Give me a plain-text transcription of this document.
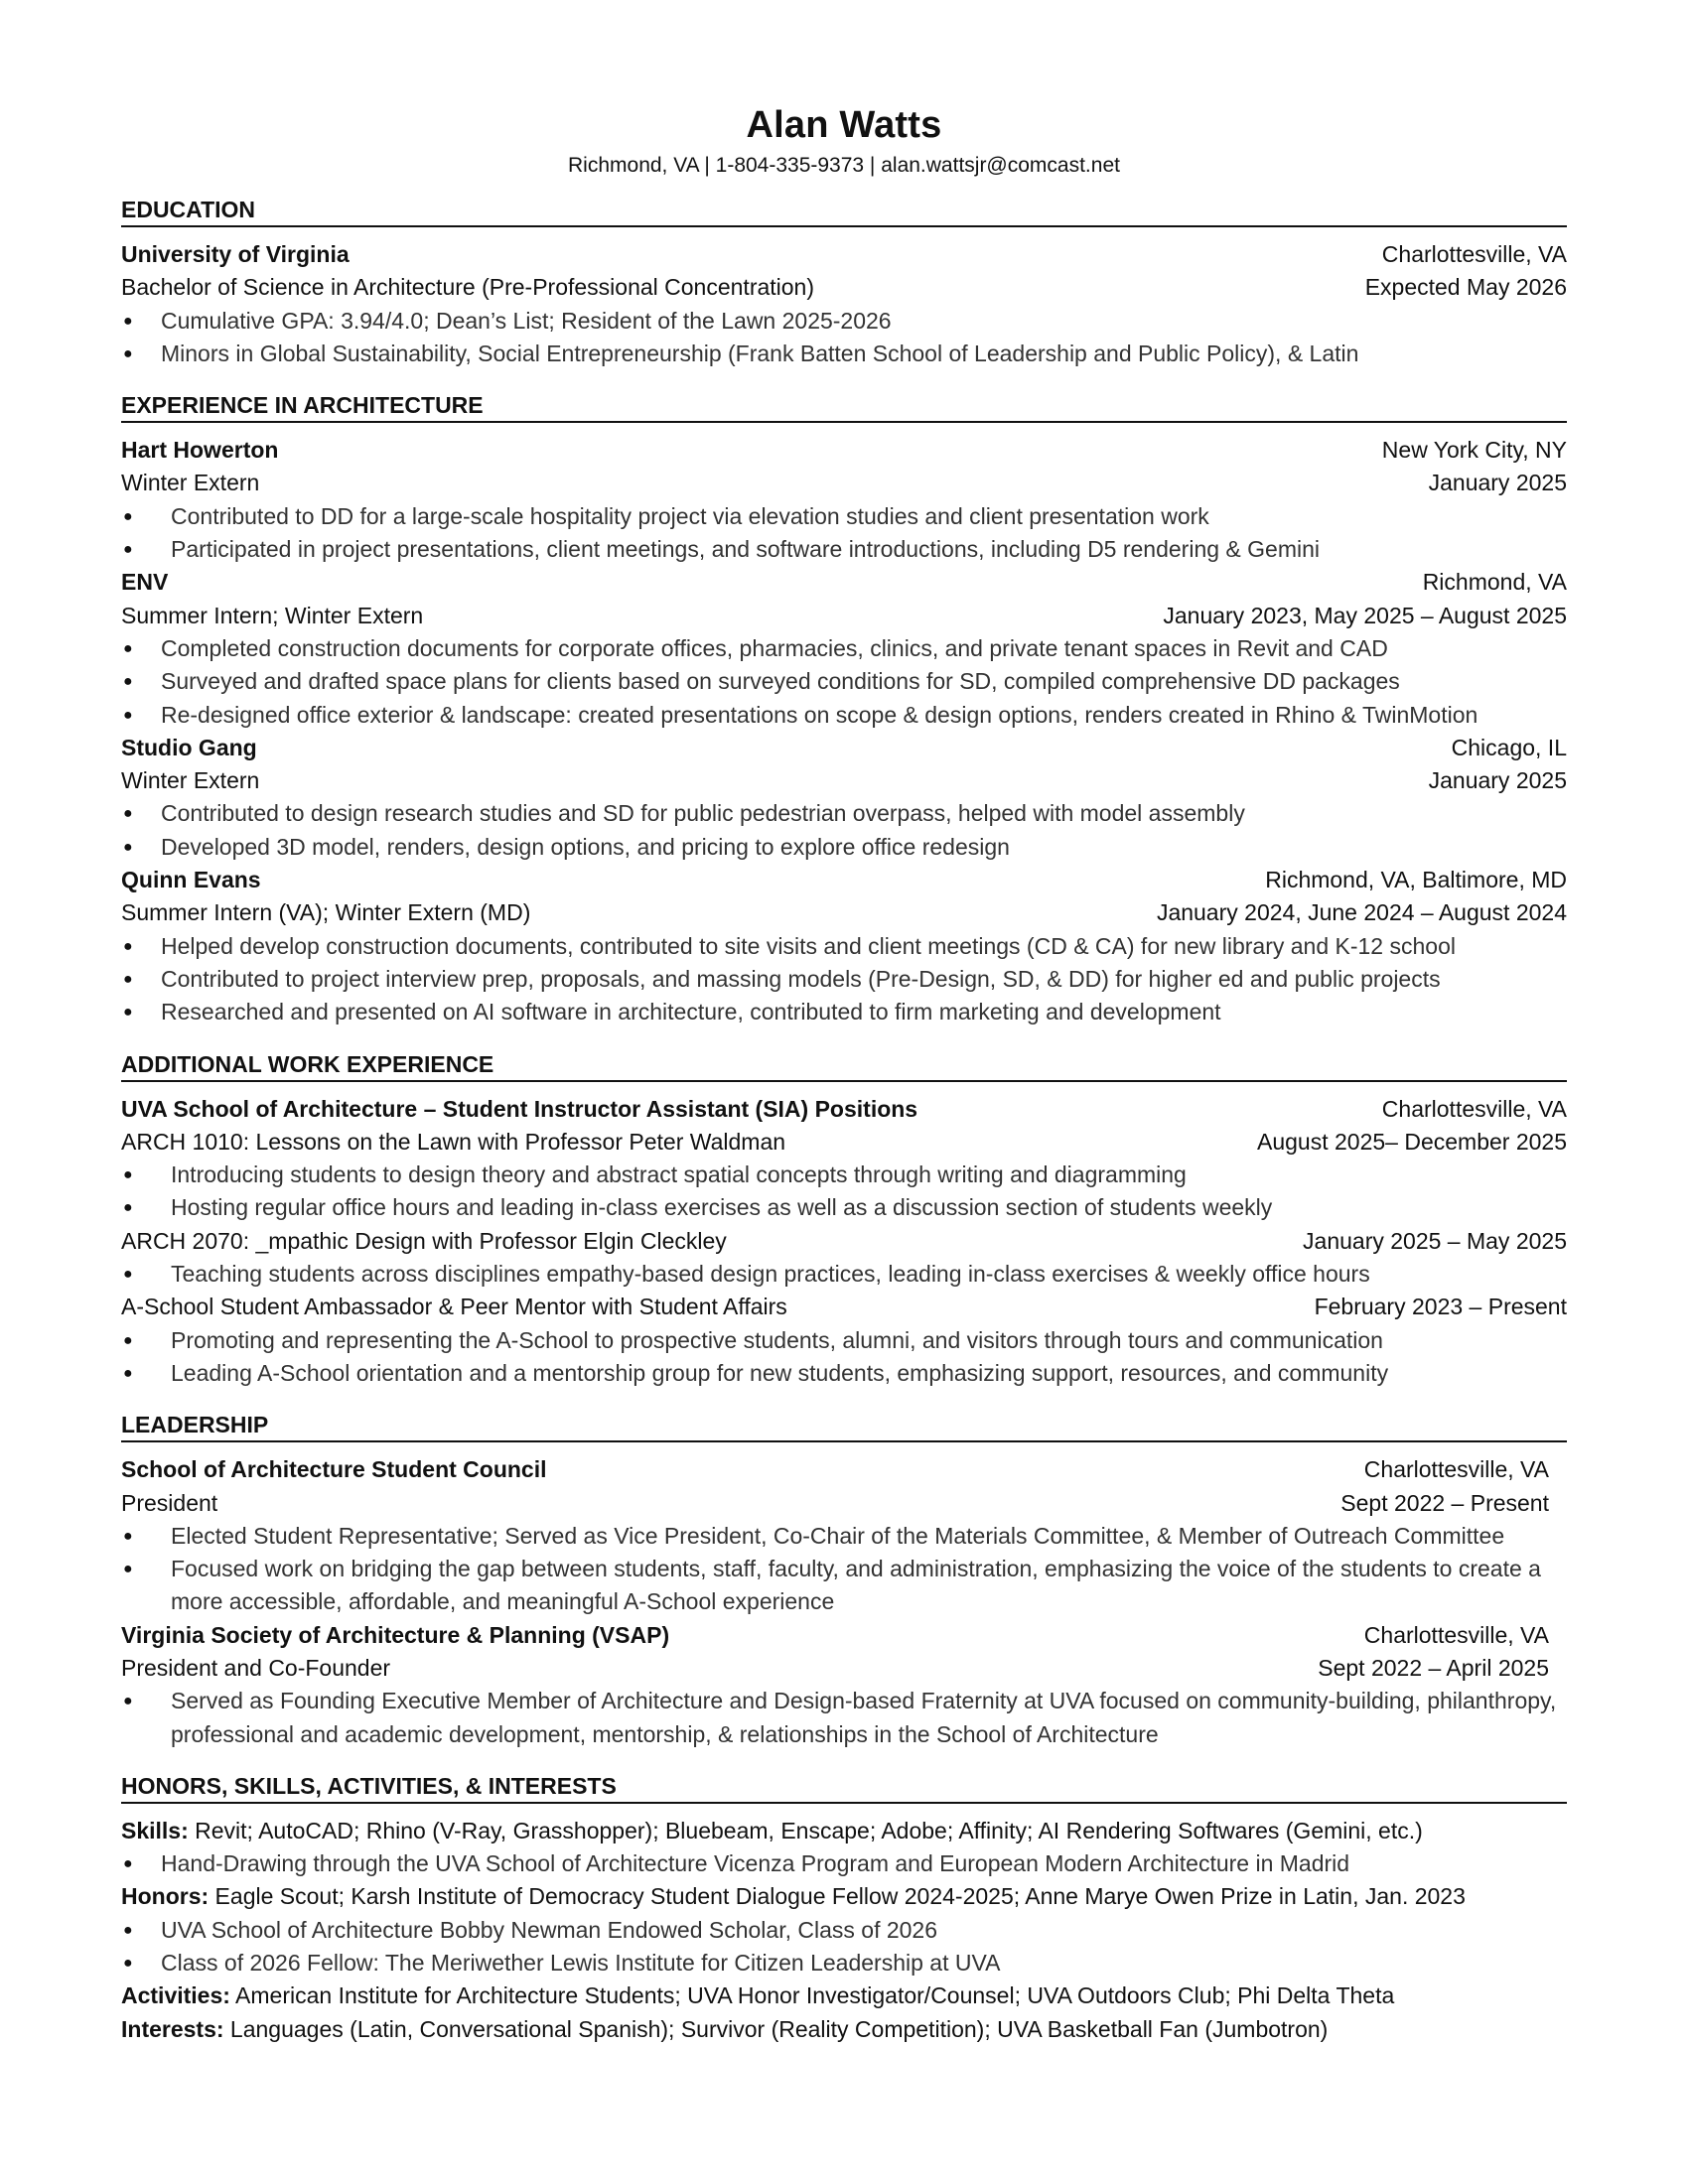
Alan Watts
Richmond, VA | 1-804-335-9373 | alan.wattsjr@comcast.net
EDUCATION
University of Virginia	Charlottesville, VA
Bachelor of Science in Architecture (Pre-Professional Concentration)	Expected May 2026
● Cumulative GPA: 3.94/4.0; Dean’s List; Resident of the Lawn 2025-2026
● Minors in Global Sustainability, Social Entrepreneurship (Frank Batten School of Leadership and Public Policy), & Latin
EXPERIENCE IN ARCHITECTURE
Hart Howerton	New York City, NY
Winter Extern	January 2025
● Contributed to DD for a large-scale hospitality project via elevation studies and client presentation work
● Participated in project presentations, client meetings, and software introductions, including D5 rendering & Gemini
ENV	Richmond, VA
Summer Intern; Winter Extern	January 2023, May 2025 – August 2025
● Completed construction documents for corporate offices, pharmacies, clinics, and private tenant spaces in Revit and CAD
● Surveyed and drafted space plans for clients based on surveyed conditions for SD, compiled comprehensive DD packages
● Re-designed office exterior & landscape: created presentations on scope & design options, renders created in Rhino & TwinMotion
Studio Gang	Chicago, IL
Winter Extern	January 2025
● Contributed to design research studies and SD for public pedestrian overpass, helped with model assembly
● Developed 3D model, renders, design options, and pricing to explore office redesign
Quinn Evans	Richmond, VA, Baltimore, MD
Summer Intern (VA); Winter Extern (MD)	January 2024, June 2024 – August 2024
● Helped develop construction documents, contributed to site visits and client meetings (CD & CA) for new library and K-12 school
● Contributed to project interview prep, proposals, and massing models (Pre-Design, SD, & DD) for higher ed and public projects
● Researched and presented on AI software in architecture, contributed to firm marketing and development
ADDITIONAL WORK EXPERIENCE
UVA School of Architecture – Student Instructor Assistant (SIA) Positions	Charlottesville, VA
ARCH 1010: Lessons on the Lawn with Professor Peter Waldman	August 2025– December 2025
● Introducing students to design theory and abstract spatial concepts through writing and diagramming
● Hosting regular office hours and leading in-class exercises as well as a discussion section of students weekly
ARCH 2070: _mpathic Design with Professor Elgin Cleckley	January 2025 – May 2025
● Teaching students across disciplines empathy-based design practices, leading in-class exercises & weekly office hours
A-School Student Ambassador & Peer Mentor with Student Affairs	February 2023 – Present
● Promoting and representing the A-School to prospective students, alumni, and visitors through tours and communication
● Leading A-School orientation and a mentorship group for new students, emphasizing support, resources, and community
LEADERSHIP
School of Architecture Student Council	Charlottesville, VA
President	Sept 2022 – Present
● Elected Student Representative; Served as Vice President, Co-Chair of the Materials Committee, & Member of Outreach Committee
● Focused work on bridging the gap between students, staff, faculty, and administration, emphasizing the voice of the students to create a more accessible, affordable, and meaningful A-School experience
Virginia Society of Architecture & Planning (VSAP)	Charlottesville, VA
President and Co-Founder	Sept 2022 – April 2025
● Served as Founding Executive Member of Architecture and Design-based Fraternity at UVA focused on community-building, philanthropy, professional and academic development, mentorship, & relationships in the School of Architecture
HONORS, SKILLS, ACTIVITIES, & INTERESTS
Skills: Revit; AutoCAD; Rhino (V-Ray, Grasshopper); Bluebeam, Enscape; Adobe; Affinity; AI Rendering Softwares (Gemini, etc.)
● Hand-Drawing through the UVA School of Architecture Vicenza Program and European Modern Architecture in Madrid
Honors: Eagle Scout; Karsh Institute of Democracy Student Dialogue Fellow 2024-2025; Anne Marye Owen Prize in Latin, Jan. 2023
● UVA School of Architecture Bobby Newman Endowed Scholar, Class of 2026
● Class of 2026 Fellow: The Meriwether Lewis Institute for Citizen Leadership at UVA
Activities: American Institute for Architecture Students; UVA Honor Investigator/Counsel; UVA Outdoors Club; Phi Delta Theta
Interests: Languages (Latin, Conversational Spanish); Survivor (Reality Competition); UVA Basketball Fan (Jumbotron)
